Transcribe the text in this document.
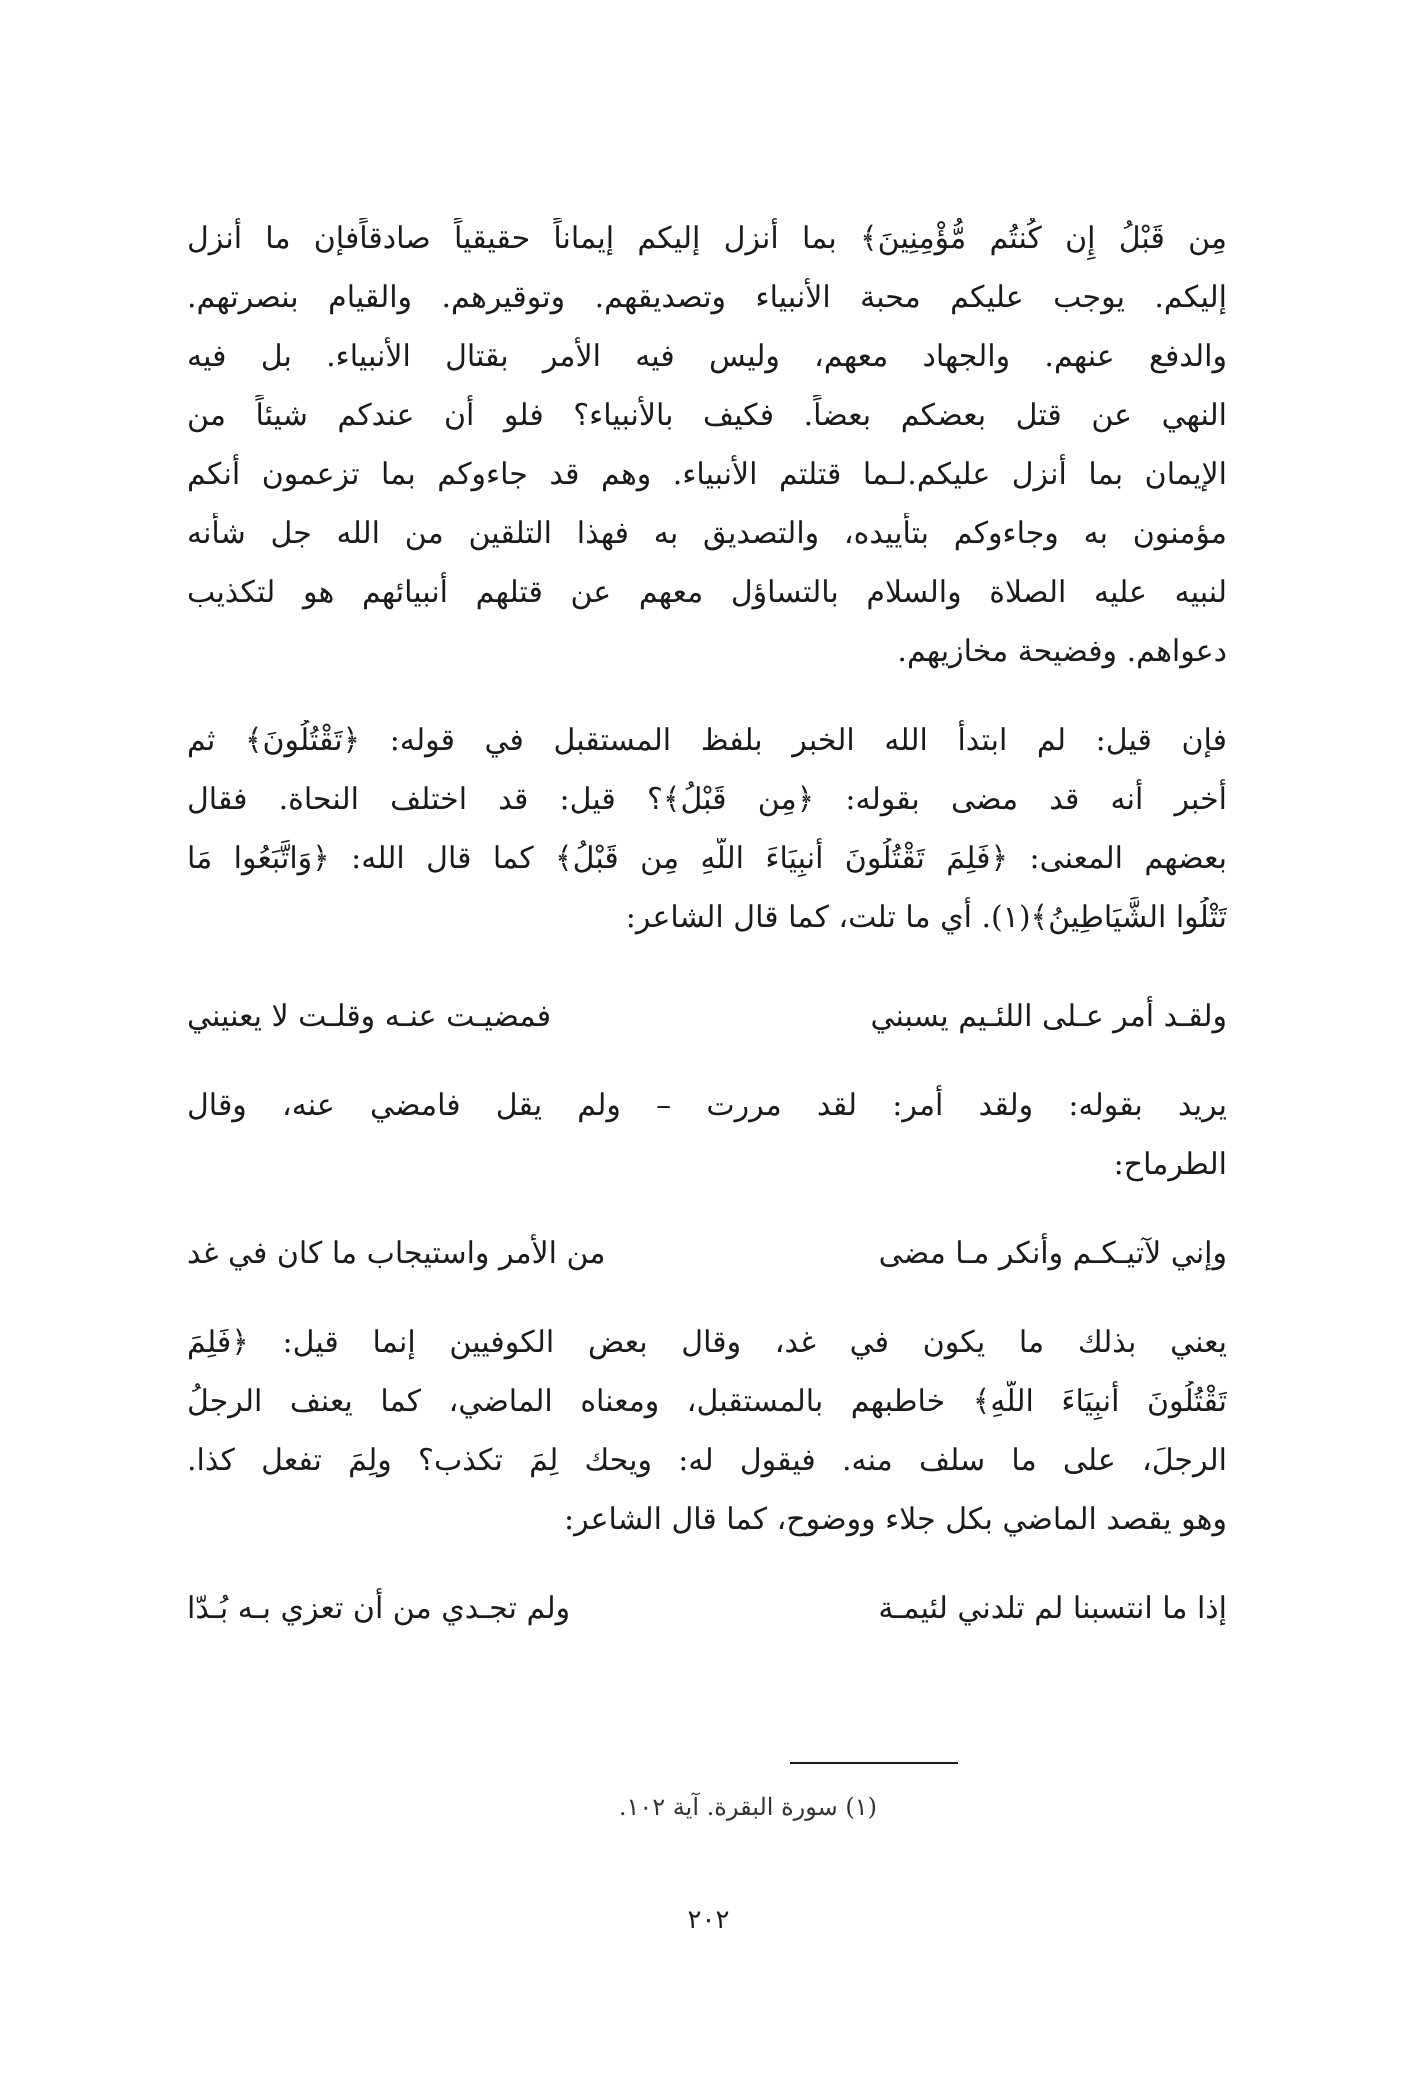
مِن قَبْلُ إِن كُنتُم مُّؤْمِنِينَ﴾ بما أنزل إليكم إيماناً حقيقياً صادقاًفإن ما أنزل
إليكم. يوجب عليكم محبة الأنبياء وتصديقهم. وتوقيرهم. والقيام بنصرتهم.
والدفع عنهم. والجهاد معهم، وليس فيه الأمر بقتال الأنبياء. بل فيه
النهي عن قتل بعضكم بعضاً. فكيف بالأنبياء؟ فلو أن عندكم شيئاً من
الإيمان بما أنزل عليكم.لـما قتلتم الأنبياء. وهم قد جاءوكم بما تزعمون أنكم
مؤمنون به وجاءوكم بتأييده، والتصديق به فهذا التلقين من الله جل شأنه
لنبيه عليه الصلاة والسلام بالتساؤل معهم عن قتلهم أنبيائهم هو لتكذيب
دعواهم. وفضيحة مخازيهم.
فإن قيل: لم ابتدأ الله الخبر بلفظ المستقبل في قوله: ﴿تَقْتُلُونَ﴾ ثم
أخبر أنه قد مضى بقوله: ﴿مِن قَبْلُ﴾؟ قيل: قد اختلف النحاة. فقال
بعضهم المعنى: ﴿فَلِمَ تَقْتُلُونَ أَنبِيَاءَ اللَّهِ مِن قَبْلُ﴾ كما قال الله: ﴿وَاتَّبَعُوا مَا
تَتْلُوا الشَّيَاطِينُ﴾(١). أي ما تلت، كما قال الشاعر:
ولقـد أمر عـلى اللئـيم يسبني
فمضيـت عنـه وقلـت لا يعنيني
يريد بقوله: ولقد أمر: لقد مررت – ولم يقل فامضي عنه، وقال
الطرماح:
وإني لآتيـكـم وأنكر مـا مضى
من الأمر واستيجاب ما كان في غد
يعني بذلك ما يكون في غد، وقال بعض الكوفيين إنما قيل: ﴿فَلِمَ
تَقْتُلُونَ أَنبِيَاءَ اللَّهِ﴾ خاطبهم بالمستقبل، ومعناه الماضي، كما يعنف الرجلُ
الرجلَ، على ما سلف منه. فيقول له: ويحك لِمَ تكذب؟ ولِمَ تفعل كذا.
وهو يقصد الماضي بكل جلاء ووضوح، كما قال الشاعر:
إذا ما انتسبنا لم تلدني لئيمـة
ولم تجـدي من أن تعزي بـه بُـدّا
(١) سورة البقرة. آية ١٠٢.
٢٠٢
